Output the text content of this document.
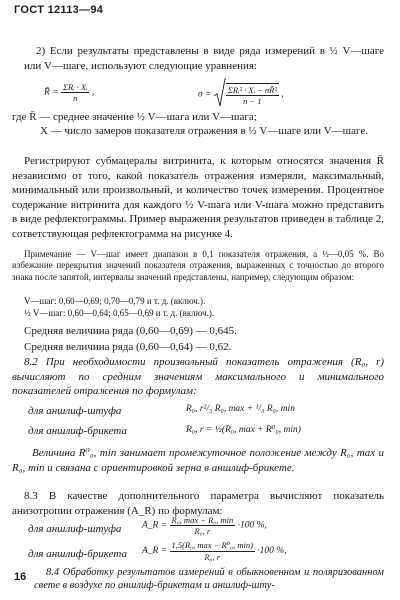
ГОСТ 12113—94
2) Если результаты представлены в виде ряда измерений в ½ V—шаге или V—шаге, используют следующие уравнения:
R̄ = $\frac{\text{ΣRᵢ · Xᵢ}}{n}$ ,	$\sigma = \frac{\text{ΣRᵢ² · Xᵢ − nR̄²}}{n - 1}$ ,
где R̄ — среднее значение ½ V—шага или V—шага;
X — число замеров показателя отражения в ½ V—шаге или V—шаге.
Регистрируют субмацералы витринита, к которым относятся значения R̄ независимо от того, какой показатель отражения измеряли, максимальный, минимальный или произвольный, и количество точек измерения. Процентное содержание витринита для каждого ½ V-шага или V-шага можно представить в виде рефлектограммы. Пример выражения результатов приведен в таблице 2, сответствующая рефлектограмма на рисунке 4.
Примечание — V—шаг имеет диапазон в 0,1 показателя отражения, а ½—0,05 %. Во избежание перекрытия значений показателя отражения, выраженных с точностью до второго знака после запятой, интервалы значений представлены, например, следующим образом:
V—шаг: 0,60—0,69; 0,70—0,79 и т. д. (включ.).
½ V—шаг: 0,60—0,64; 0,65—0,69 и т. д. (включ.).
Средняя величина ряда (0,60—0,69) — 0,645.
Средняя величина ряда (0,60—0,64) — 0,62.
8.2 При необходимости произвольный показатель отражения (R₀, r) вычисляют по средним значениям максимального и минимального показателей отражения по формулам:
для аншлиф-штуфа	R₀, r²/₃ R₀, max + ¹/₃ R₀, min
для аншлиф-брикета	R₀, r = ½(R₀, max + R⁰₀, min)
Величина R⁰₀, min занимает промежуточное положение между R₀, max и R₀, min и связана с ориентировкой зерна в аншлиф-брикете.
8.3 В качестве дополнительного параметра вычисляют показатель анизотропии отражения (A_R) по формулам:
для аншлиф-штуфа	A_R = $\frac{\text{R₀, max − R₀, min}}{\text{R₀, r}} \cdot 100$ %,
для аншлиф-брикета	A_R = $\frac{\text{1,5(R₀, max − R⁰₀, min)}}{\text{R₀, r}} \cdot 100$ %,
16	8.4 Обработку результатов измерений в обыкновенном и поляризованном свете в воздухе по аншлиф-брикетам и аншлиф-шту-
